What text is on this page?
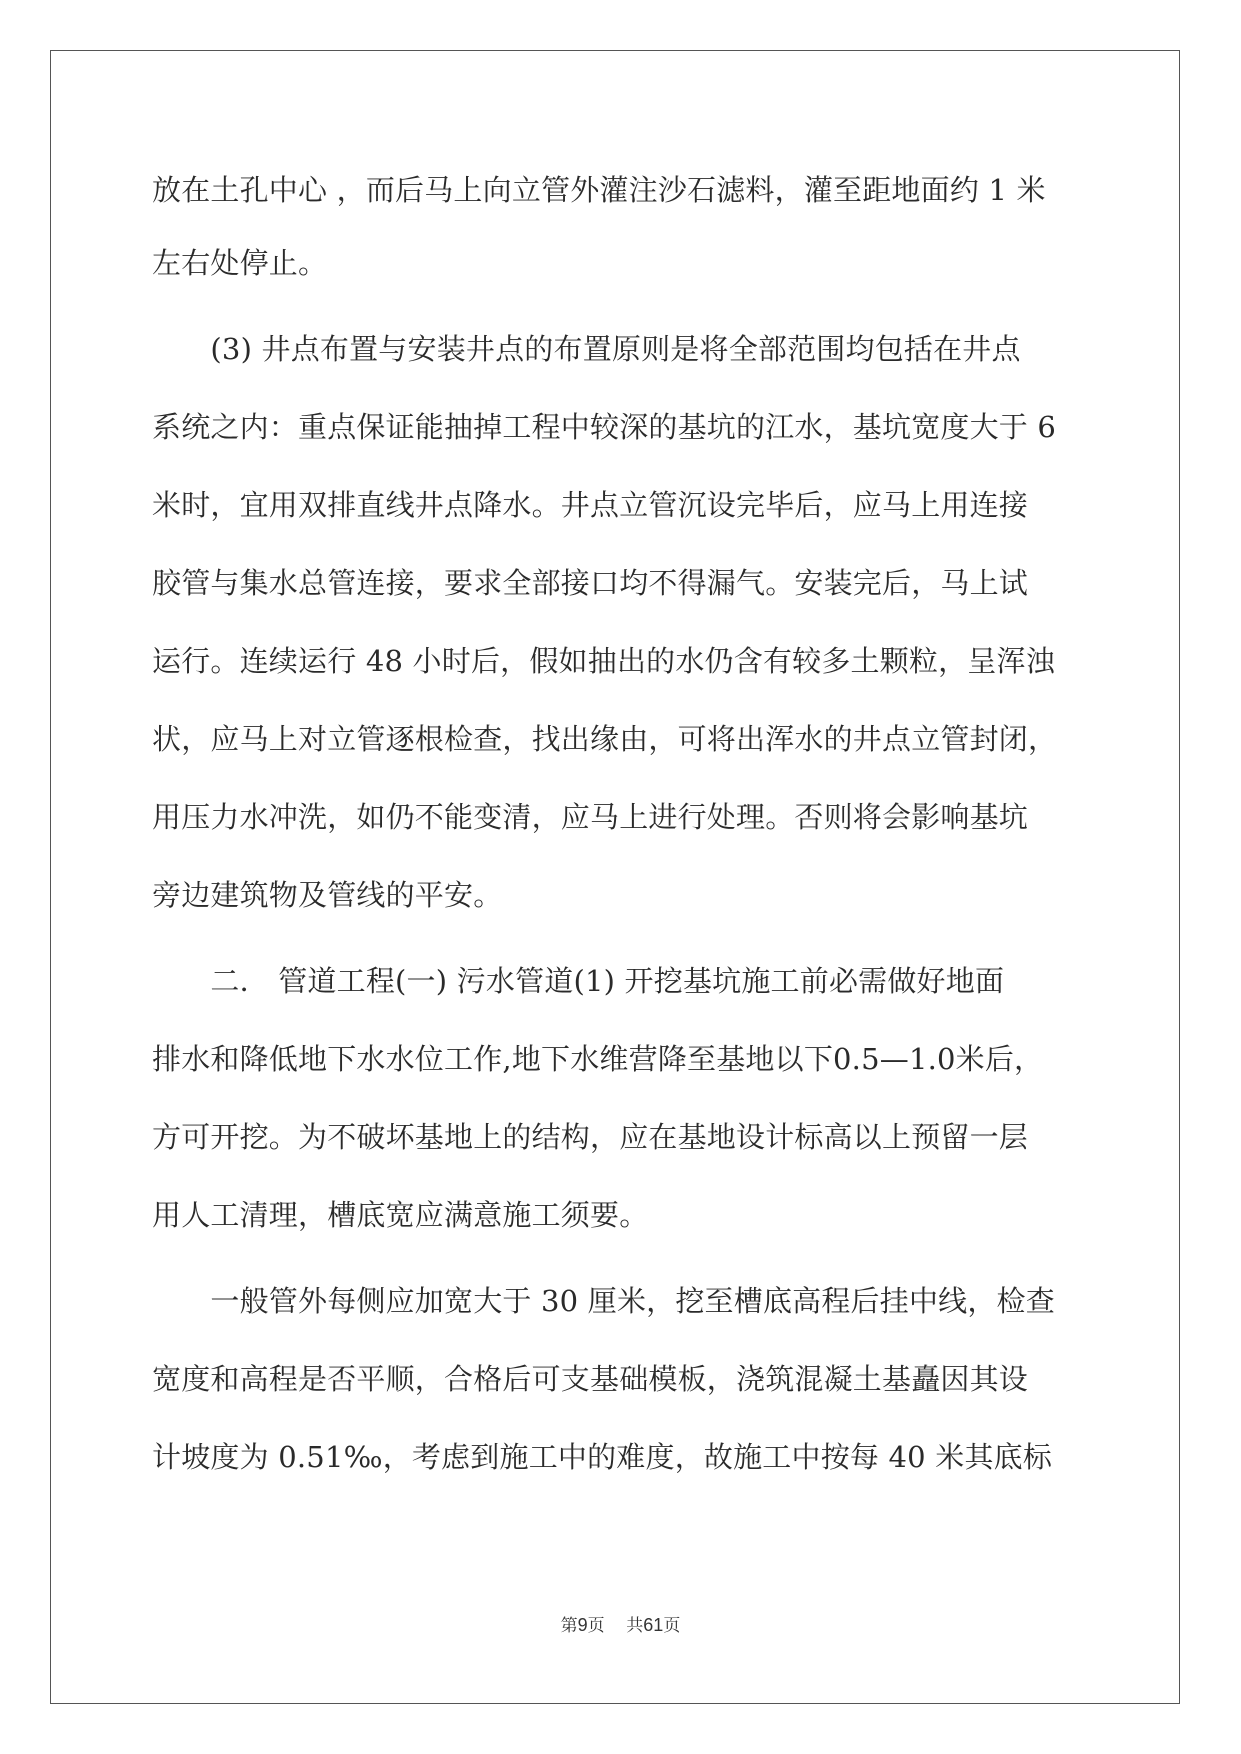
放在土孔中心 ，而后马上向立管外灌注沙石滤料，灌至距地面约 1 米
左右处停止。
　　(3) 井点布置与安装井点的布置原则是将全部范围均包括在井点
系统之内：重点保证能抽掉工程中较深的基坑的江水，基坑宽度大于 6
米时，宜用双排直线井点降水。井点立管沉设完毕后，应马上用连接
胶管与集水总管连接，要求全部接口均不得漏气。安装完后，马上试
运行。连续运行 48 小时后，假如抽出的水仍含有较多土颗粒，呈浑浊
状，应马上对立管逐根检查，找出缘由，可将出浑水的井点立管封闭，
用压力水冲洗，如仍不能变清，应马上进行处理。否则将会影响基坑
旁边建筑物及管线的平安。
　　二． 管道工程(一) 污水管道(1) 开挖基坑施工前必需做好地面
排水和降低地下水水位工作,地下水维营降至基地以下0.5—1.0米后，
方可开挖。为不破坏基地上的结构，应在基地设计标高以上预留一层
用人工清理，槽底宽应满意施工须要。
　　一般管外每侧应加宽大于 30 厘米，挖至槽底高程后挂中线，检查
宽度和高程是否平顺，合格后可支基础模板，浇筑混凝土基矗因其设
计坡度为 0.51‰，考虑到施工中的难度，故施工中按每 40 米其底标
第9页 共61页
